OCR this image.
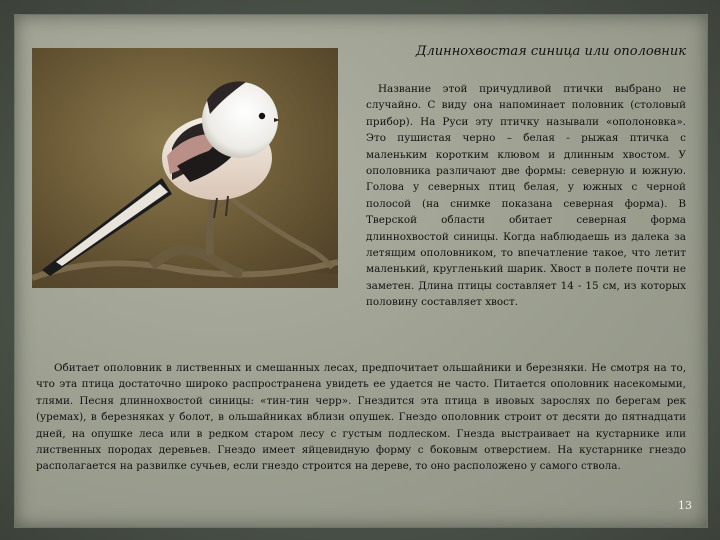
Длиннохвостая синица или ополовник

Название этой причудливой птички выбрано не случайно. С виду она напоминает половник (столовый прибор). На Руси эту птичку называли «ополоновка». Это пушистая черно – белая - рыжая птичка с маленьким коротким клювом и длинным хвостом. У ополовника различают две формы: северную и южную. Голова у северных птиц белая, у южных с черной полосой (на снимке показана северная форма). В Тверской области обитает северная форма длиннохвостой синицы. Когда наблюдаешь из далека за летящим ополовником, то впечатление такое, что летит маленький, кругленький шарик. Хвост в полете почти не заметен. Длина птицы составляет 14 - 15 см, из которых половину составляет хвост.

Обитает ополовник в лиственных и смешанных лесах, предпочитает ольшайники и березняки. Не смотря на то, что эта птица достаточно широко распространена увидеть ее удается не часто. Питается ополовник насекомыми, тлями. Песня длиннохвостой синицы: «тин-тин черр». Гнездится эта птица в ивовых зарослях по берегам рек (уремах), в березняках у болот, в ольшайниках вблизи опушек. Гнездо ополовник строит от десяти до пятнадцати дней, на опушке леса или в редком старом лесу с густым подлеском. Гнезда выстраивает на кустарнике или лиственных породах деревьев. Гнездо имеет яйцевидную форму с боковым отверстием. На кустарнике гнездо располагается на развилке сучьев, если гнездо строится на дереве, то оно расположено у самого ствола.

13
